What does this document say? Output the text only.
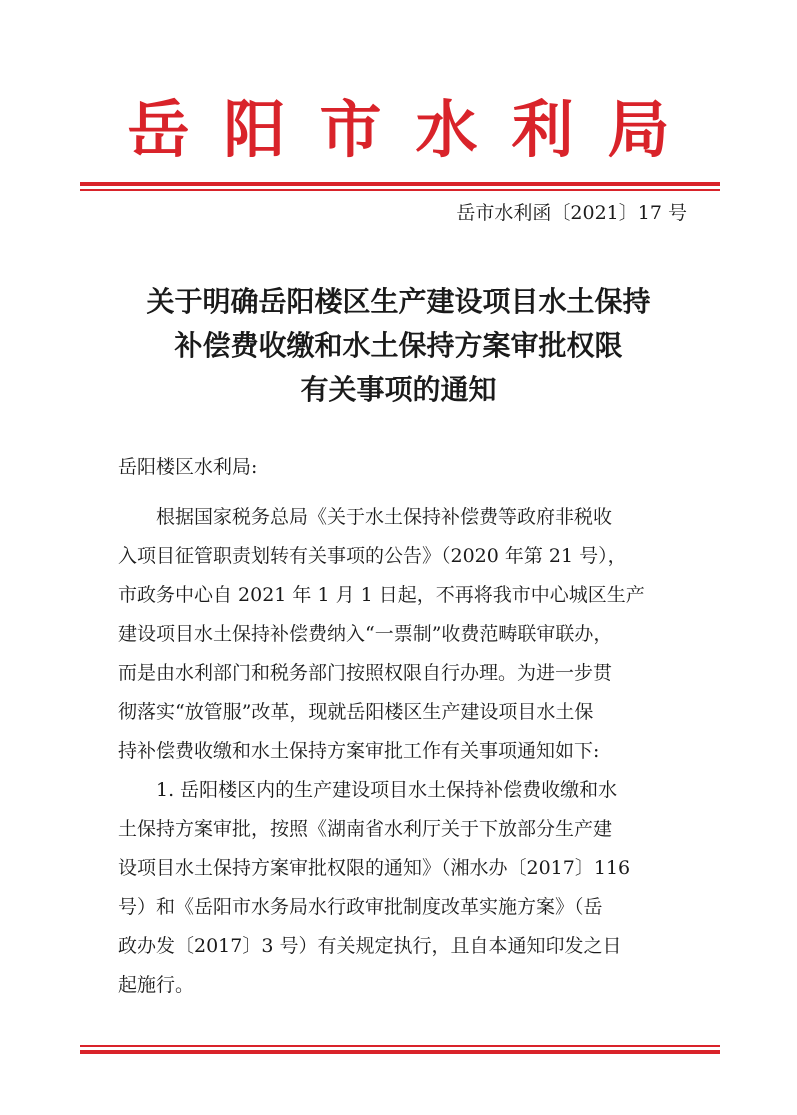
岳阳市水利局
岳市水利函〔2021〕17 号
关于明确岳阳楼区生产建设项目水土保持
补偿费收缴和水土保持方案审批权限
有关事项的通知
岳阳楼区水利局:
根据国家税务总局《关于水土保持补偿费等政府非税收
入项目征管职责划转有关事项的公告》（2020 年第 21 号），
市政务中心自 2021 年 1 月 1 日起，不再将我市中心城区生产
建设项目水土保持补偿费纳入“一票制”收费范畴联审联办，
而是由水利部门和税务部门按照权限自行办理。为进一步贯
彻落实“放管服”改革，现就岳阳楼区生产建设项目水土保
持补偿费收缴和水土保持方案审批工作有关事项通知如下:
1. 岳阳楼区内的生产建设项目水土保持补偿费收缴和水
土保持方案审批，按照《湖南省水利厅关于下放部分生产建
设项目水土保持方案审批权限的通知》（湘水办〔2017〕116
号）和《岳阳市水务局水行政审批制度改革实施方案》（岳
政办发〔2017〕3 号）有关规定执行，且自本通知印发之日
起施行。
